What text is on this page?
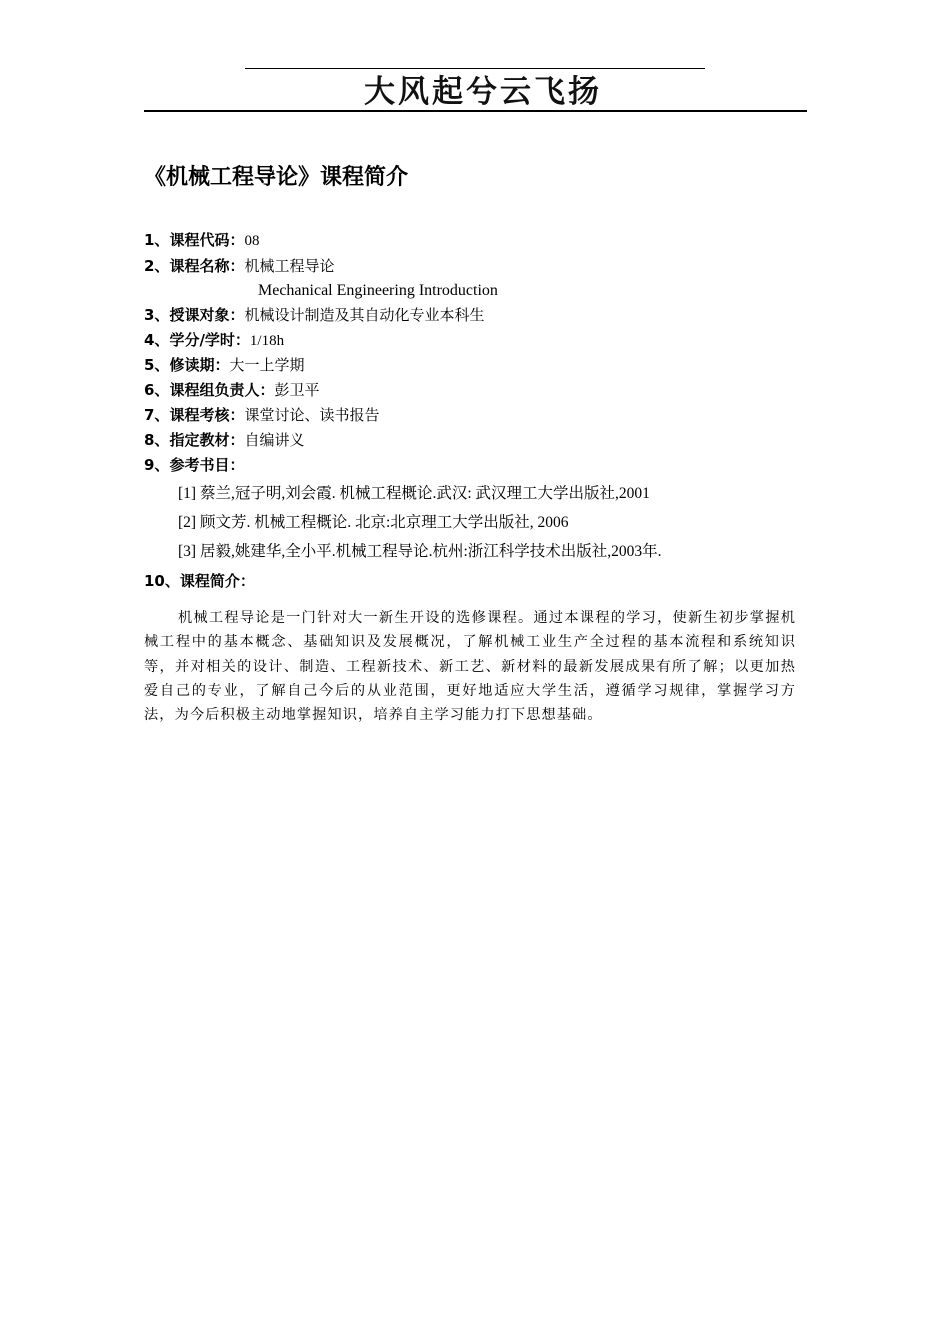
大风起兮云飞扬
《机械工程导论》课程简介
1、课程代码：08
2、课程名称：机械工程导论
Mechanical Engineering Introduction
3、授课对象：机械设计制造及其自动化专业本科生
4、学分/学时：1/18h
5、修读期：大一上学期
6、课程组负责人：彭卫平
7、课程考核：课堂讨论、读书报告
8、指定教材：自编讲义
9、参考书目：
[1] 蔡兰,冠子明,刘会霞. 机械工程概论.武汉: 武汉理工大学出版社,2001
[2] 顾文芳. 机械工程概论. 北京:北京理工大学出版社, 2006
[3] 居毅,姚建华,全小平.机械工程导论.杭州:浙江科学技术出版社,2003年.
10、课程简介：
机械工程导论是一门针对大一新生开设的选修课程。通过本课程的学习，使新生初步掌握机械工程中的基本概念、基础知识及发展概况，了解机械工业生产全过程的基本流程和系统知识等，并对相关的设计、制造、工程新技术、新工艺、新材料的最新发展成果有所了解；以更加热爱自己的专业，了解自己今后的从业范围，更好地适应大学生活，遵循学习规律，掌握学习方法，为今后积极主动地掌握知识，培养自主学习能力打下思想基础。
